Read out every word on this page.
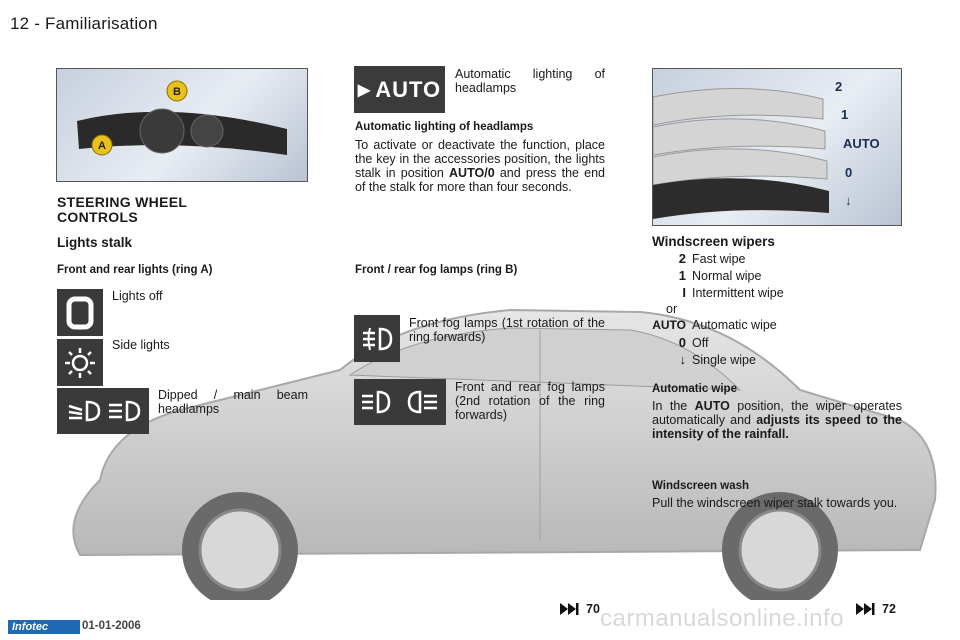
12 - Familiarisation
B
A
▶ AUTO
Automatic lighting of headlamps
Automatic lighting of headlamps
To activate or deactivate the function, place the key in the accessories position, the lights stalk in position AUTO/0 and press the end of the stalk for more than four seconds.
STEERING WHEEL CONTROLS
Lights stalk
Front and rear lights (ring A)	Front / rear fog lamps (ring B)
Lights off
Side lights
Dipped / main beam headlamps
Front fog lamps (1st rotation of the ring forwards)
Front and rear fog lamps (2nd rotation of the ring forwards)
2
1
AUTO
0
↓
Windscreen wipers
2 Fast wipe
1 Normal wipe
I Intermittent wipe
or
AUTO Automatic wipe
0 Off
↓ Single wipe
Automatic wipe
In the AUTO position, the wiper operates automatically and adjusts its speed to the intensity of the rainfall.
Windscreen wash
Pull the windscreen wiper stalk towards you.
70	72
Infotec	01-01-2006	carmanualsonline.info
